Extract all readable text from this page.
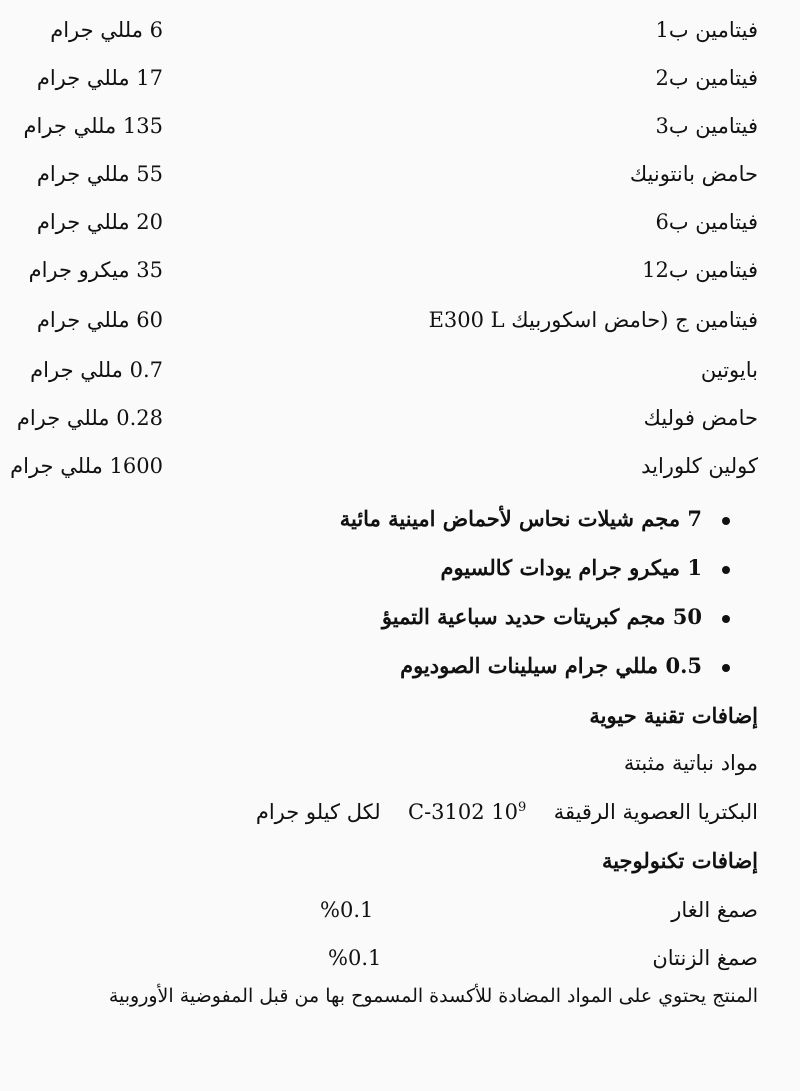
فيتامين ب1
6 مللي جرام
فيتامين ب2
17 مللي جرام
فيتامين ب3
135 مللي جرام
حامض بانتونيك
55 مللي جرام
فيتامين ب6
20 مللي جرام
فيتامين ب12
35 ميكرو جرام
فيتامين ج (حامض اسكوربيك E300 L
60 مللي جرام
بايوتين
0.7 مللي جرام
حامض فوليك
0.28 مللي جرام
كولين كلورايد
1600 مللي جرام
7 مجم شيلات نحاس لأحماض امينية مائية
1 ميكرو جرام يودات كالسيوم
50 مجم كبريتات حديد سباعية التميؤ
0.5 مللي جرام سيلينات الصوديوم
إضافات تقنية حيوية
مواد نباتية مثبتة
البكتريا العصوية الرقيقة  C-3102 $10^9$  لكل كيلو جرام
إضافات تكنولوجية
صمغ الغار
%0.1
صمغ الزنتان
%0.1
المنتج يحتوي على المواد المضادة للأكسدة المسموح بها من قبل المفوضية الأوروبية
